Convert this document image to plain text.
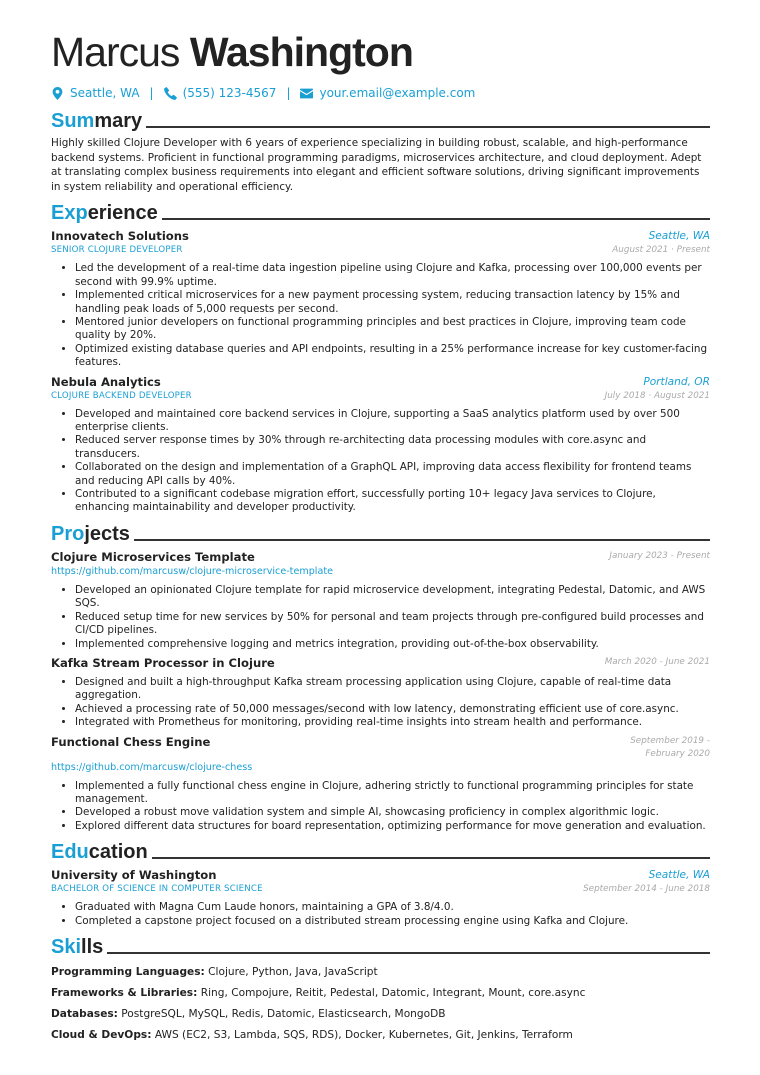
Marcus Washington
Seattle, WA | (555) 123-4567 | your.email@example.com
Summary
Highly skilled Clojure Developer with 6 years of experience specializing in building robust, scalable, and high-performance backend systems. Proficient in functional programming paradigms, microservices architecture, and cloud deployment. Adept at translating complex business requirements into elegant and efficient software solutions, driving significant improvements in system reliability and operational efficiency.
Experience
Innovatech Solutions	Seattle, WA
SENIOR CLOJURE DEVELOPER	August 2021 · Present
• Led the development of a real-time data ingestion pipeline using Clojure and Kafka, processing over 100,000 events per second with 99.9% uptime.
• Implemented critical microservices for a new payment processing system, reducing transaction latency by 15% and handling peak loads of 5,000 requests per second.
• Mentored junior developers on functional programming principles and best practices in Clojure, improving team code quality by 20%.
• Optimized existing database queries and API endpoints, resulting in a 25% performance increase for key customer-facing features.
Nebula Analytics	Portland, OR
CLOJURE BACKEND DEVELOPER	July 2018 · August 2021
• Developed and maintained core backend services in Clojure, supporting a SaaS analytics platform used by over 500 enterprise clients.
• Reduced server response times by 30% through re-architecting data processing modules with core.async and transducers.
• Collaborated on the design and implementation of a GraphQL API, improving data access flexibility for frontend teams and reducing API calls by 40%.
• Contributed to a significant codebase migration effort, successfully porting 10+ legacy Java services to Clojure, enhancing maintainability and developer productivity.
Projects
Clojure Microservices Template	January 2023 - Present
https://github.com/marcusw/clojure-microservice-template
• Developed an opinionated Clojure template for rapid microservice development, integrating Pedestal, Datomic, and AWS SQS.
• Reduced setup time for new services by 50% for personal and team projects through pre-configured build processes and CI/CD pipelines.
• Implemented comprehensive logging and metrics integration, providing out-of-the-box observability.
Kafka Stream Processor in Clojure	March 2020 - June 2021
• Designed and built a high-throughput Kafka stream processing application using Clojure, capable of real-time data aggregation.
• Achieved a processing rate of 50,000 messages/second with low latency, demonstrating efficient use of core.async.
• Integrated with Prometheus for monitoring, providing real-time insights into stream health and performance.
Functional Chess Engine	September 2019 - February 2020
https://github.com/marcusw/clojure-chess
• Implemented a fully functional chess engine in Clojure, adhering strictly to functional programming principles for state management.
• Developed a robust move validation system and simple AI, showcasing proficiency in complex algorithmic logic.
• Explored different data structures for board representation, optimizing performance for move generation and evaluation.
Education
University of Washington	Seattle, WA
BACHELOR OF SCIENCE IN COMPUTER SCIENCE	September 2014 - June 2018
• Graduated with Magna Cum Laude honors, maintaining a GPA of 3.8/4.0.
• Completed a capstone project focused on a distributed stream processing engine using Kafka and Clojure.
Skills
Programming Languages: Clojure, Python, Java, JavaScript
Frameworks & Libraries: Ring, Compojure, Reitit, Pedestal, Datomic, Integrant, Mount, core.async
Databases: PostgreSQL, MySQL, Redis, Datomic, Elasticsearch, MongoDB
Cloud & DevOps: AWS (EC2, S3, Lambda, SQS, RDS), Docker, Kubernetes, Git, Jenkins, Terraform
